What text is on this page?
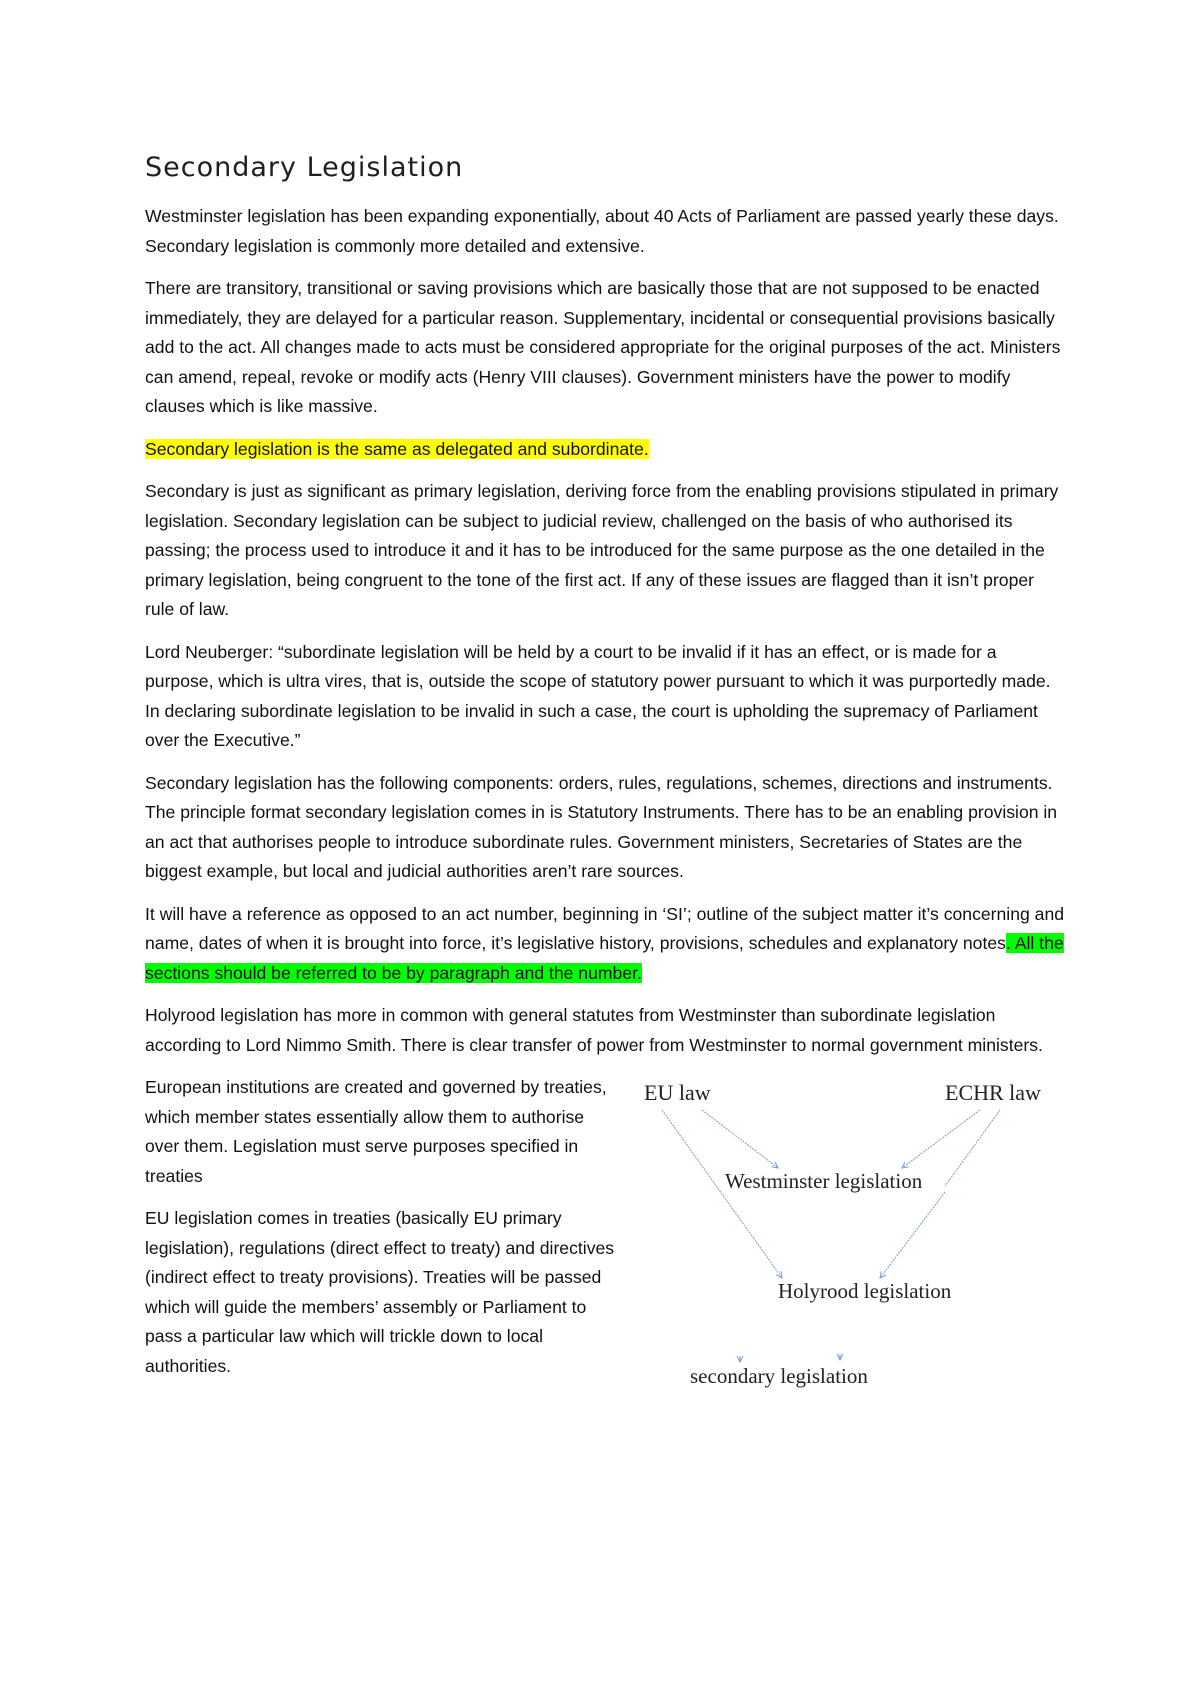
Secondary Legislation

Westminster legislation has been expanding exponentially, about 40 Acts of Parliament are passed yearly these days. Secondary legislation is commonly more detailed and extensive.

There are transitory, transitional or saving provisions which are basically those that are not supposed to be enacted immediately, they are delayed for a particular reason. Supplementary, incidental or consequential provisions basically add to the act. All changes made to acts must be considered appropriate for the original purposes of the act. Ministers can amend, repeal, revoke or modify acts (Henry VIII clauses). Government ministers have the power to modify clauses which is like massive.

Secondary legislation is the same as delegated and subordinate.

Secondary is just as significant as primary legislation, deriving force from the enabling provisions stipulated in primary legislation. Secondary legislation can be subject to judicial review, challenged on the basis of who authorised its passing; the process used to introduce it and it has to be introduced for the same purpose as the one detailed in the primary legislation, being congruent to the tone of the first act. If any of these issues are flagged than it isn’t proper rule of law.

Lord Neuberger: “subordinate legislation will be held by a court to be invalid if it has an effect, or is made for a purpose, which is ultra vires, that is, outside the scope of statutory power pursuant to which it was purportedly made. In declaring subordinate legislation to be invalid in such a case, the court is upholding the supremacy of Parliament over the Executive.”

Secondary legislation has the following components: orders, rules, regulations, schemes, directions and instruments. The principle format secondary legislation comes in is Statutory Instruments. There has to be an enabling provision in an act that authorises people to introduce subordinate rules. Government ministers, Secretaries of States are the biggest example, but local and judicial authorities aren’t rare sources.

It will have a reference as opposed to an act number, beginning in ‘SI’; outline of the subject matter it’s concerning and name, dates of when it is brought into force, it’s legislative history, provisions, schedules and explanatory notes. All the sections should be referred to be by paragraph and the number.

Holyrood legislation has more in common with general statutes from Westminster than subordinate legislation according to Lord Nimmo Smith. There is clear transfer of power from Westminster to normal government ministers.

European institutions are created and governed by treaties, which member states essentially allow them to authorise over them. Legislation must serve purposes specified in treaties

EU legislation comes in treaties (basically EU primary legislation), regulations (direct effect to treaty) and directives (indirect effect to treaty provisions). Treaties will be passed which will guide the members’ assembly or Parliament to pass a particular law which will trickle down to local authorities.

EU law	ECHR law
Westminster legislation
Holyrood legislation
secondary legislation
